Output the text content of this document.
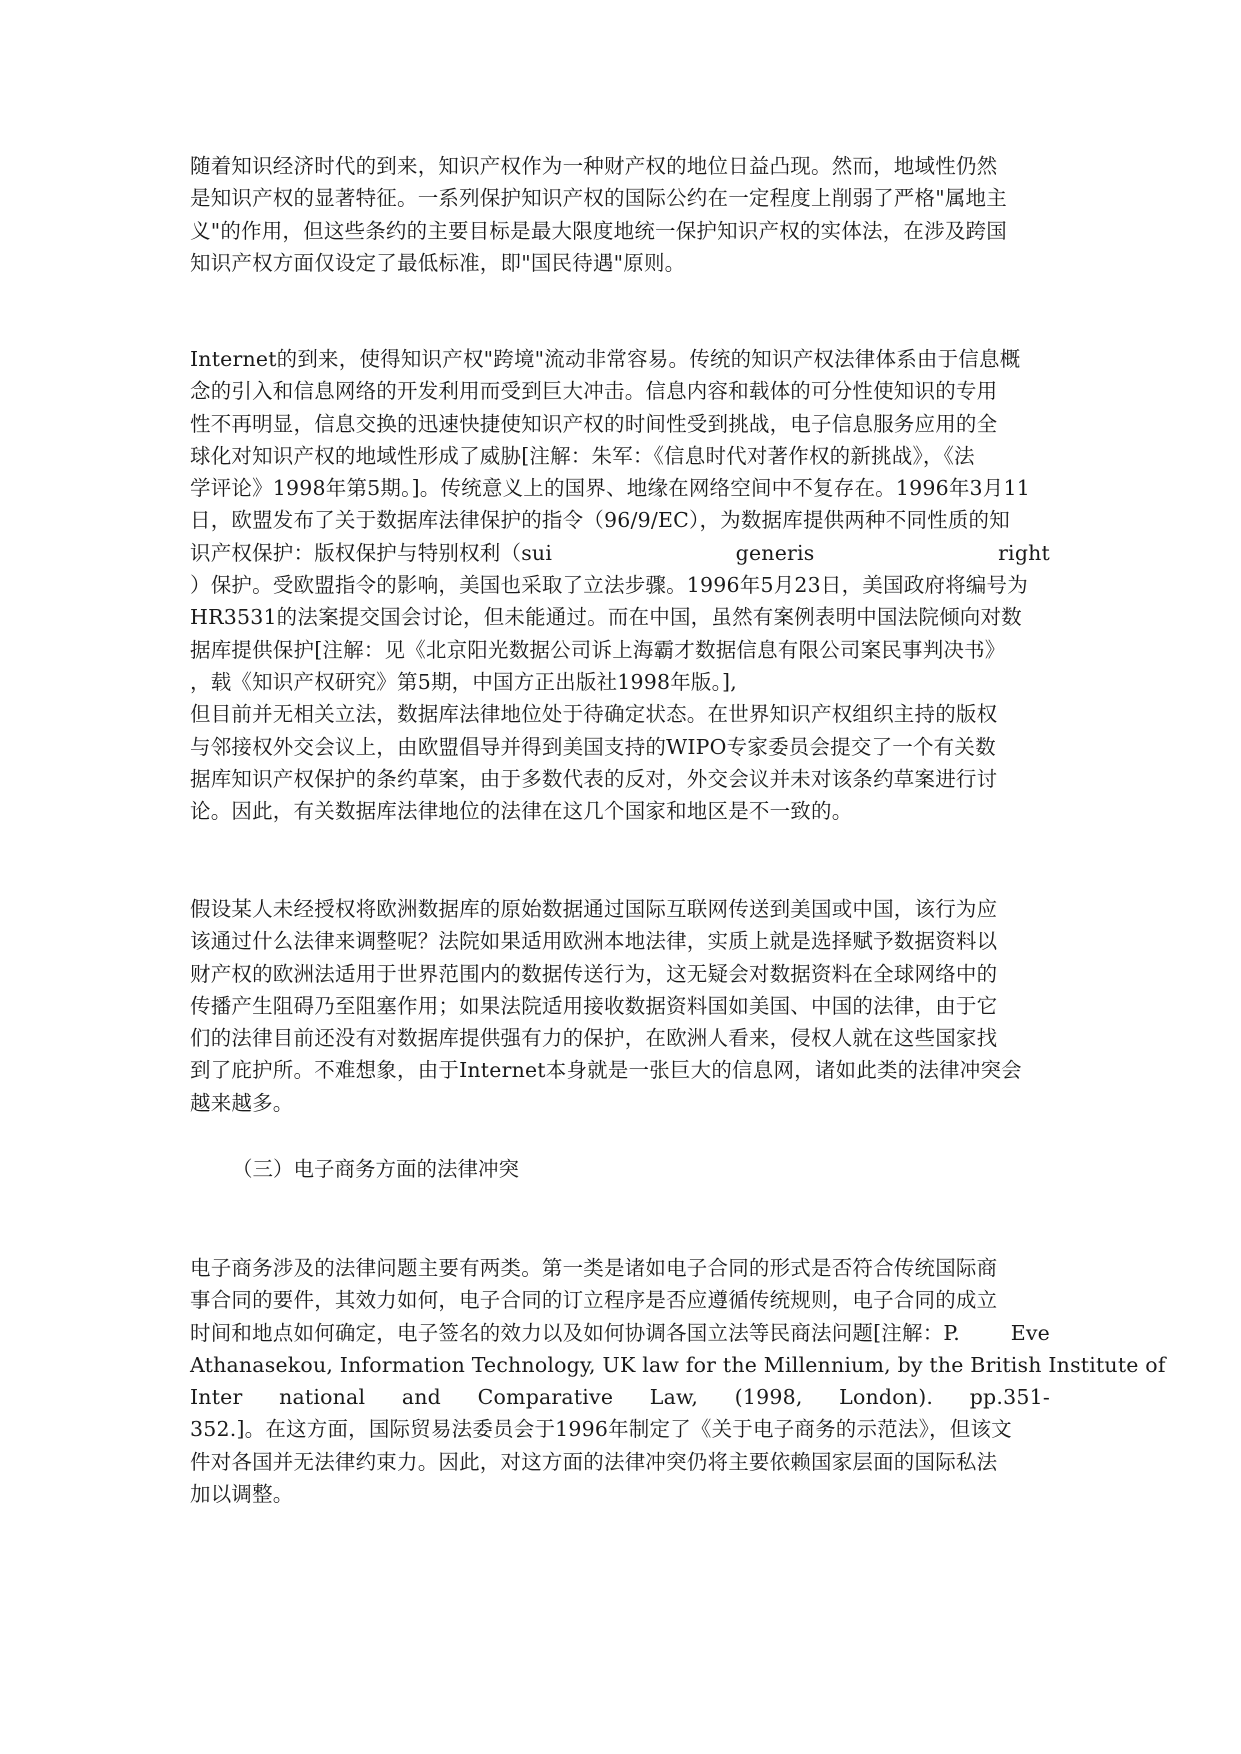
随着知识经济时代的到来，知识产权作为一种财产权的地位日益凸现。然而，地域性仍然
是知识产权的显著特征。一系列保护知识产权的国际公约在一定程度上削弱了严格"属地主
义"的作用，但这些条约的主要目标是最大限度地统一保护知识产权的实体法，在涉及跨国
知识产权方面仅设定了最低标准，即"国民待遇"原则。
Internet的到来，使得知识产权"跨境"流动非常容易。传统的知识产权法律体系由于信息概
念的引入和信息网络的开发利用而受到巨大冲击。信息内容和载体的可分性使知识的专用
性不再明显，信息交换的迅速快捷使知识产权的时间性受到挑战，电子信息服务应用的全
球化对知识产权的地域性形成了威胁[注解：朱军：《信息时代对著作权的新挑战》，《法
学评论》1998年第5期。]。传统意义上的国界、地缘在网络空间中不复存在。1996年3月11
日，欧盟发布了关于数据库法律保护的指令（96/9/EC），为数据库提供两种不同性质的知
识产权保护：版权保护与特别权利（sui	generis	right
）保护。受欧盟指令的影响，美国也采取了立法步骤。1996年5月23日，美国政府将编号为
HR3531的法案提交国会讨论，但未能通过。而在中国，虽然有案例表明中国法院倾向对数
据库提供保护[注解：见《北京阳光数据公司诉上海霸才数据信息有限公司案民事判决书》
，载《知识产权研究》第5期，中国方正出版社1998年版。],
但目前并无相关立法，数据库法律地位处于待确定状态。在世界知识产权组织主持的版权
与邻接权外交会议上，由欧盟倡导并得到美国支持的WIPO专家委员会提交了一个有关数
据库知识产权保护的条约草案，由于多数代表的反对，外交会议并未对该条约草案进行讨
论。因此，有关数据库法律地位的法律在这几个国家和地区是不一致的。
假设某人未经授权将欧洲数据库的原始数据通过国际互联网传送到美国或中国，该行为应
该通过什么法律来调整呢？法院如果适用欧洲本地法律，实质上就是选择赋予数据资料以
财产权的欧洲法适用于世界范围内的数据传送行为，这无疑会对数据资料在全球网络中的
传播产生阻碍乃至阻塞作用；如果法院适用接收数据资料国如美国、中国的法律，由于它
们的法律目前还没有对数据库提供强有力的保护，在欧洲人看来，侵权人就在这些国家找
到了庇护所。不难想象，由于Internet本身就是一张巨大的信息网，诸如此类的法律冲突会
越来越多。
（三）电子商务方面的法律冲突
电子商务涉及的法律问题主要有两类。第一类是诸如电子合同的形式是否符合传统国际商
事合同的要件，其效力如何，电子合同的订立程序是否应遵循传统规则，电子合同的成立
时间和地点如何确定，电子签名的效力以及如何协调各国立法等民商法问题[注解：P. Eve
Athanasekou, Information Technology, UK law for the Millennium, by the British Institute of
Inter national and Comparative Law, (1998, London). pp.351-
352.]。在这方面，国际贸易法委员会于1996年制定了《关于电子商务的示范法》，但该文
件对各国并无法律约束力。因此，对这方面的法律冲突仍将主要依赖国家层面的国际私法
加以调整。
